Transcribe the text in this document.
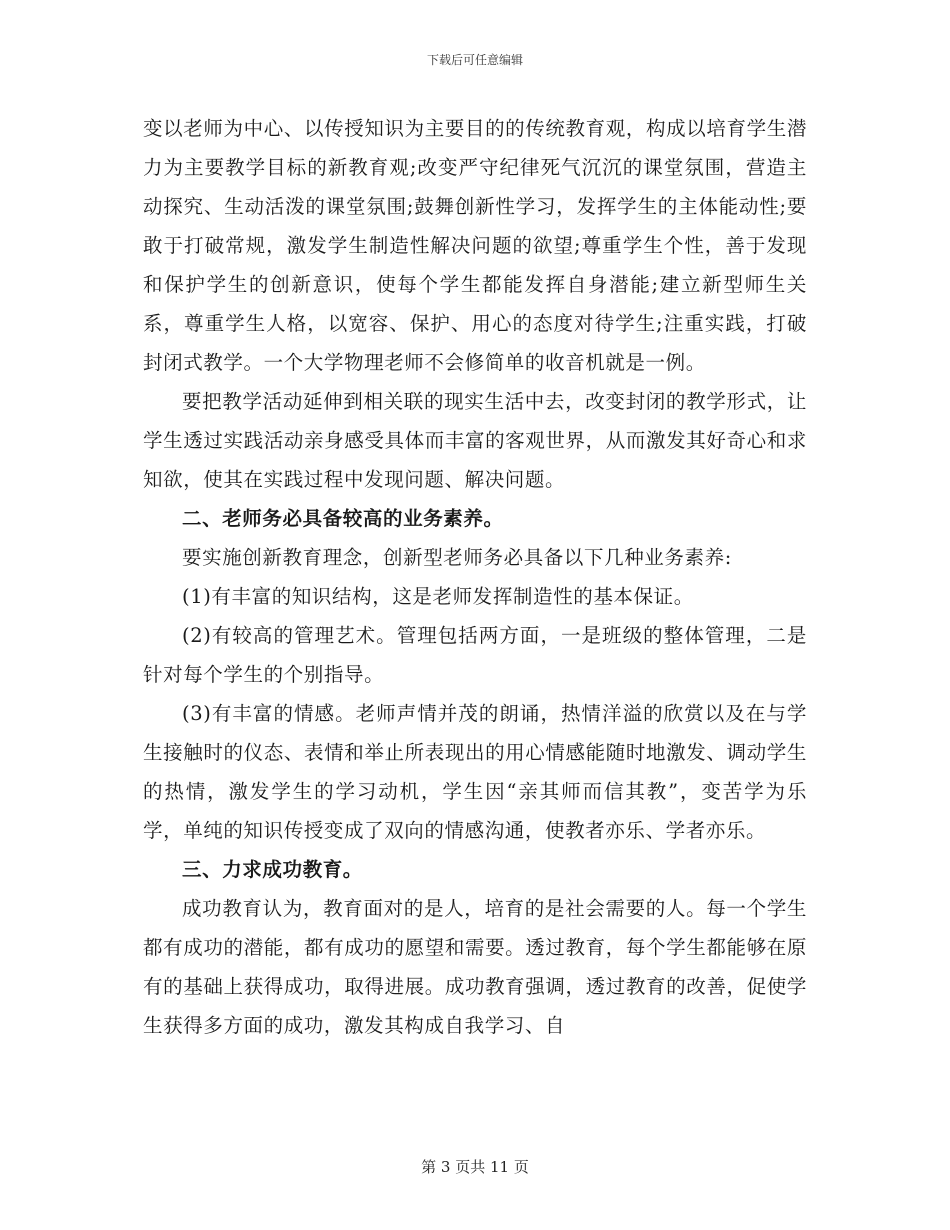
下载后可任意编辑

变以老师为中心、以传授知识为主要目的的传统教育观，构成以培育学生潜力为主要教学目标的新教育观;改变严守纪律死气沉沉的课堂氛围，营造主动探究、生动活泼的课堂氛围;鼓舞创新性学习，发挥学生的主体能动性;要敢于打破常规，激发学生制造性解决问题的欲望;尊重学生个性，善于发现和保护学生的创新意识，使每个学生都能发挥自身潜能;建立新型师生关系，尊重学生人格，以宽容、保护、用心的态度对待学生;注重实践，打破封闭式教学。一个大学物理老师不会修简单的收音机就是一例。

要把教学活动延伸到相关联的现实生活中去，改变封闭的教学形式，让学生透过实践活动亲身感受具体而丰富的客观世界，从而激发其好奇心和求知欲，使其在实践过程中发现问题、解决问题。

二、老师务必具备较高的业务素养。

要实施创新教育理念，创新型老师务必具备以下几种业务素养:

(1)有丰富的知识结构，这是老师发挥制造性的基本保证。

(2)有较高的管理艺术。管理包括两方面，一是班级的整体管理，二是针对每个学生的个别指导。

(3)有丰富的情感。老师声情并茂的朗诵，热情洋溢的欣赏以及在与学生接触时的仪态、表情和举止所表现出的用心情感能随时地激发、调动学生的热情，激发学生的学习动机，学生因“亲其师而信其教”，变苦学为乐学，单纯的知识传授变成了双向的情感沟通，使教者亦乐、学者亦乐。

三、力求成功教育。

成功教育认为，教育面对的是人，培育的是社会需要的人。每一个学生都有成功的潜能，都有成功的愿望和需要。透过教育，每个学生都能够在原有的基础上获得成功，取得进展。成功教育强调，透过教育的改善，促使学生获得多方面的成功，激发其构成自我学习、自

第 3 页共 11 页
